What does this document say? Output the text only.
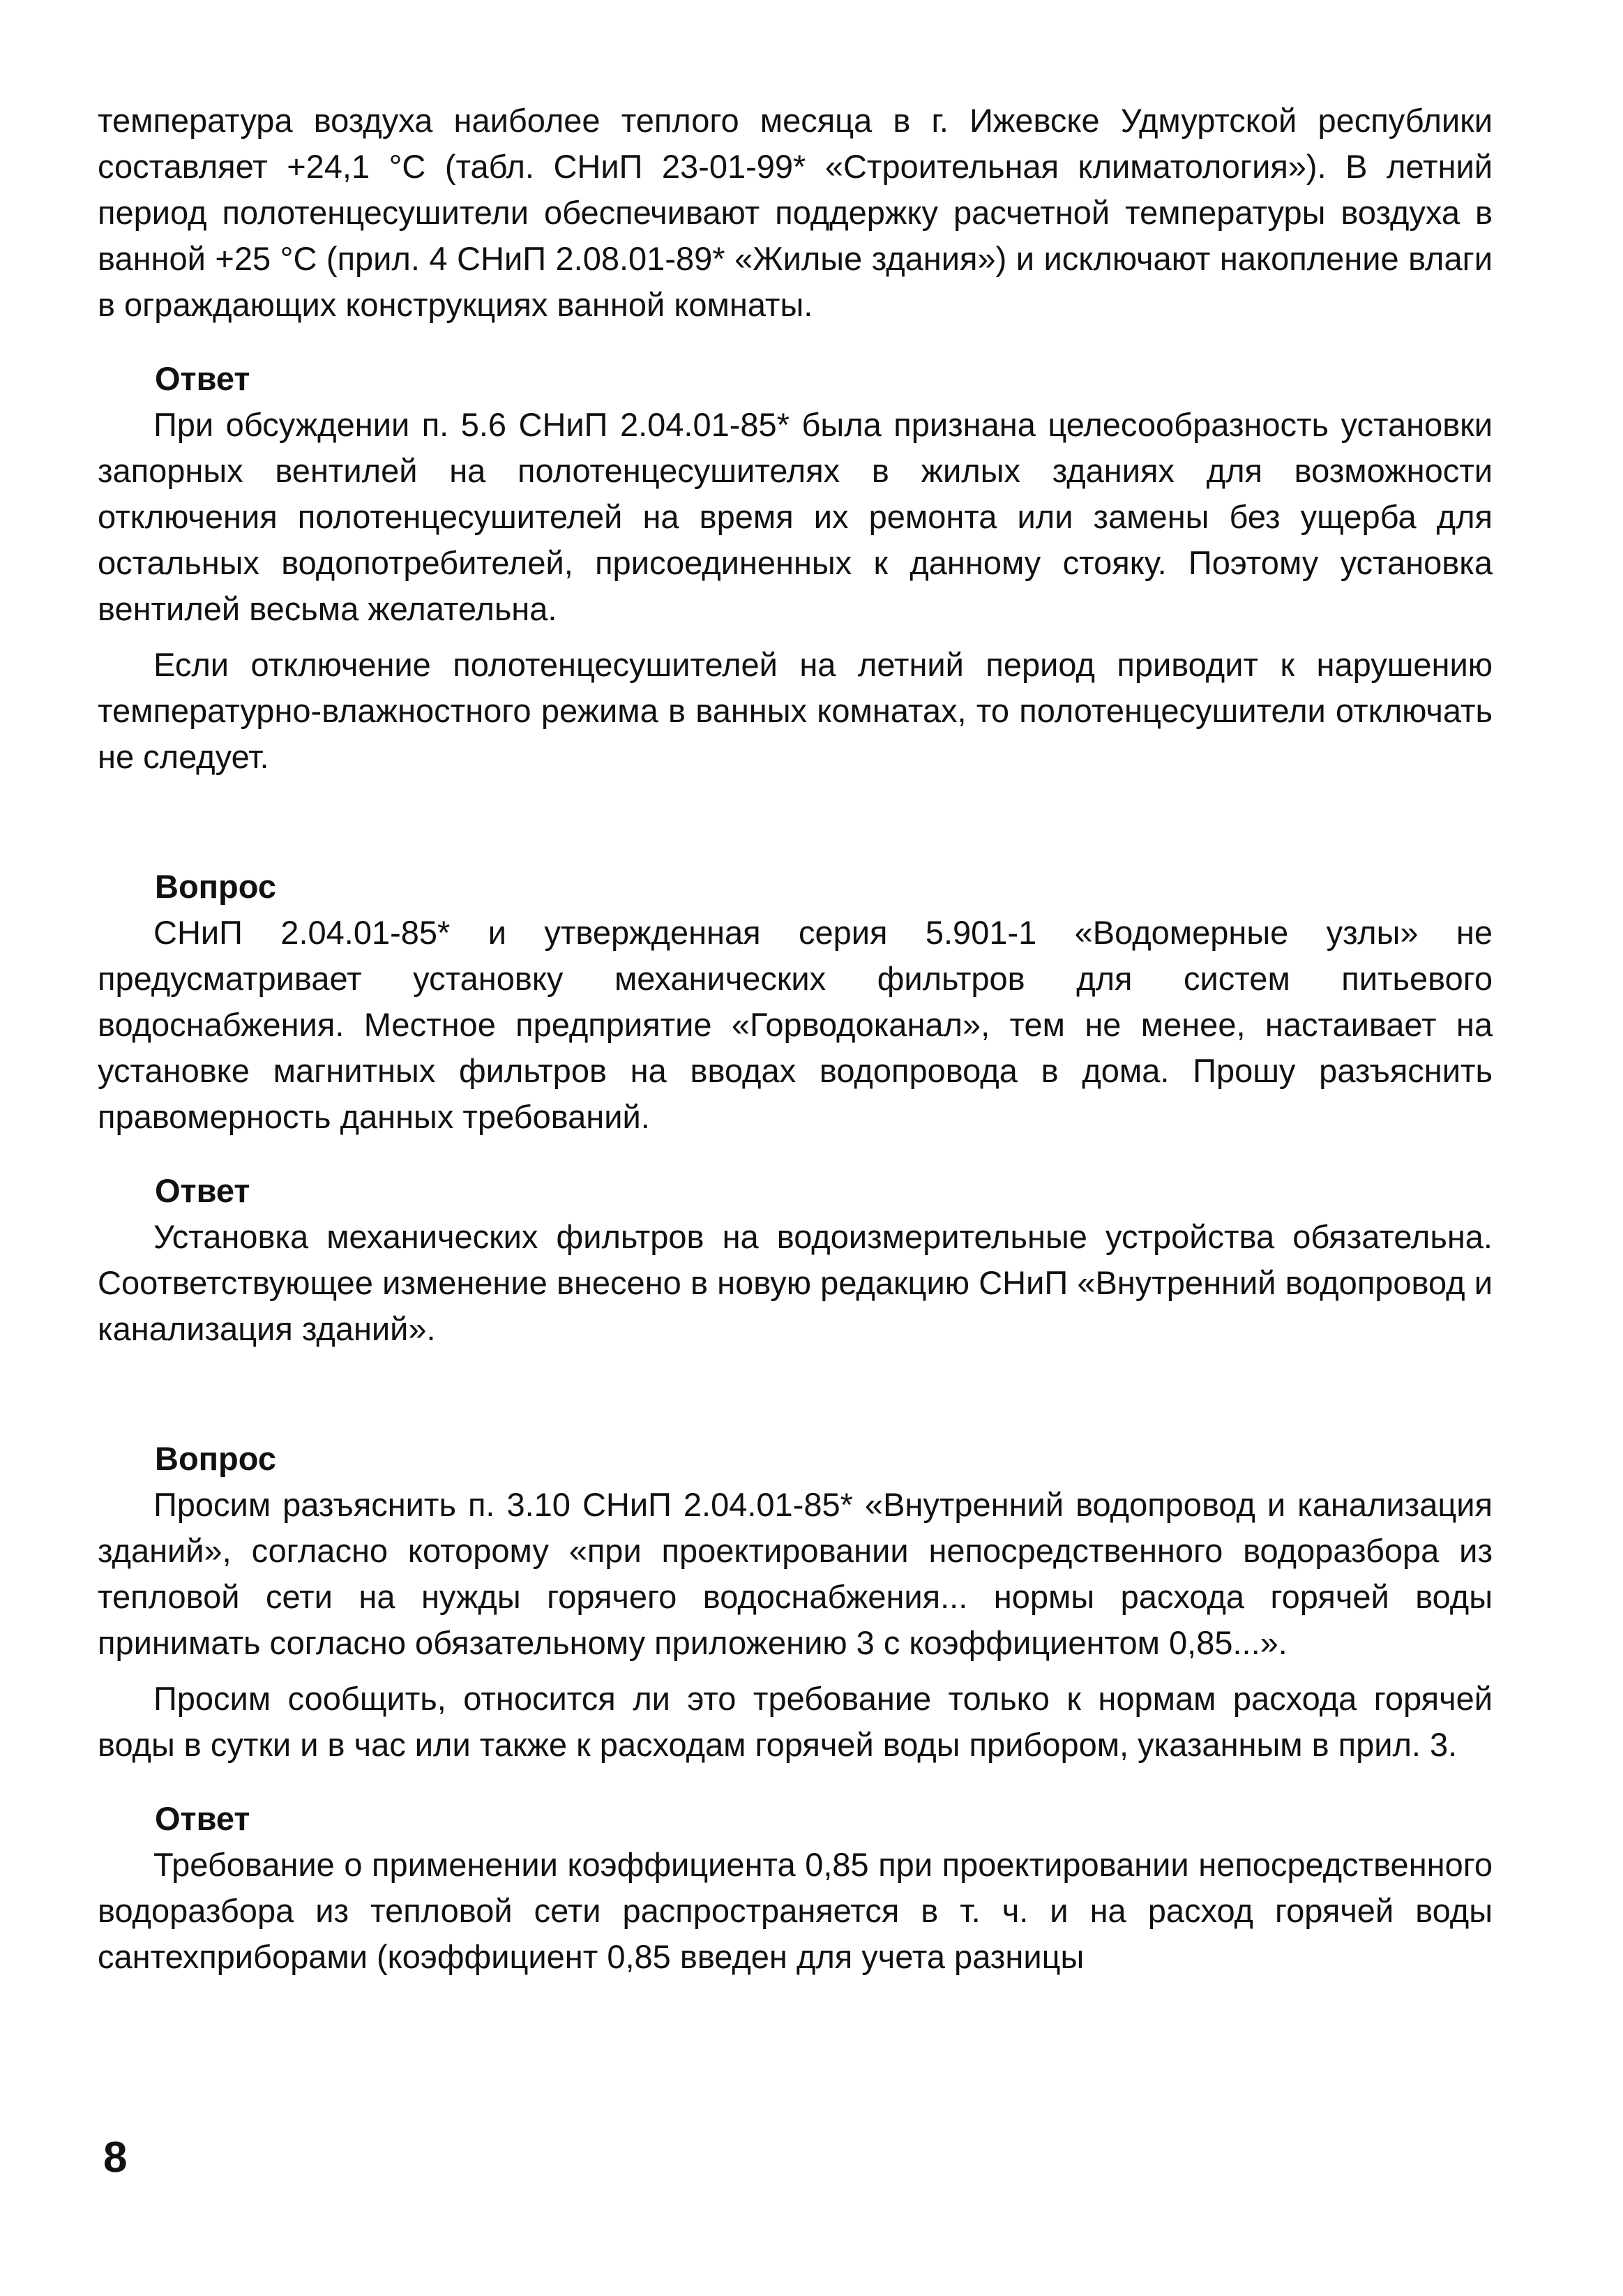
температура воздуха наиболее теплого месяца в г. Ижевске Удмуртской республики составляет +24,1 °С (табл. СНиП 23-01-99* «Строительная климатология»). В летний период полотенцесушители обеспечивают поддержку расчетной температуры воздуха в ванной +25 °С (прил. 4 СНиП 2.08.01-89* «Жилые здания») и исключают накопление влаги в ограждающих конструкциях ванной комнаты.

Ответ

При обсуждении п. 5.6 СНиП 2.04.01-85* была признана целесообразность установки запорных вентилей на полотенцесушителях в жилых зданиях для возможности отключения полотенцесушителей на время их ремонта или замены без ущерба для остальных водопотребителей, присоединенных к данному стояку. Поэтому установка вентилей весьма желательна.

Если отключение полотенцесушителей на летний период приводит к нарушению температурно-влажностного режима в ванных комнатах, то полотенцесушители отключать не следует.

Вопрос

СНиП 2.04.01-85* и утвержденная серия 5.901-1 «Водомерные узлы» не предусматривает установку механических фильтров для систем питьевого водоснабжения. Местное предприятие «Горводоканал», тем не менее, настаивает на установке магнитных фильтров на вводах водопровода в дома. Прошу разъяснить правомерность данных требований.

Ответ

Установка механических фильтров на водоизмерительные устройства обязательна. Соответствующее изменение внесено в новую редакцию СНиП «Внутренний водопровод и канализация зданий».

Вопрос

Просим разъяснить п. 3.10 СНиП 2.04.01-85* «Внутренний водопровод и канализация зданий», согласно которому «при проектировании непосредственного водоразбора из тепловой сети на нужды горячего водоснабжения... нормы расхода горячей воды принимать согласно обязательному приложению 3 с коэффициентом 0,85...».

Просим сообщить, относится ли это требование только к нормам расхода горячей воды в сутки и в час или также к расходам горячей воды прибором, указанным в прил. 3.

Ответ

Требование о применении коэффициента 0,85 при проектировании непосредственного водоразбора из тепловой сети распространяется в т. ч. и на расход горячей воды сантехприборами (коэффициент 0,85 введен для учета разницы

8
